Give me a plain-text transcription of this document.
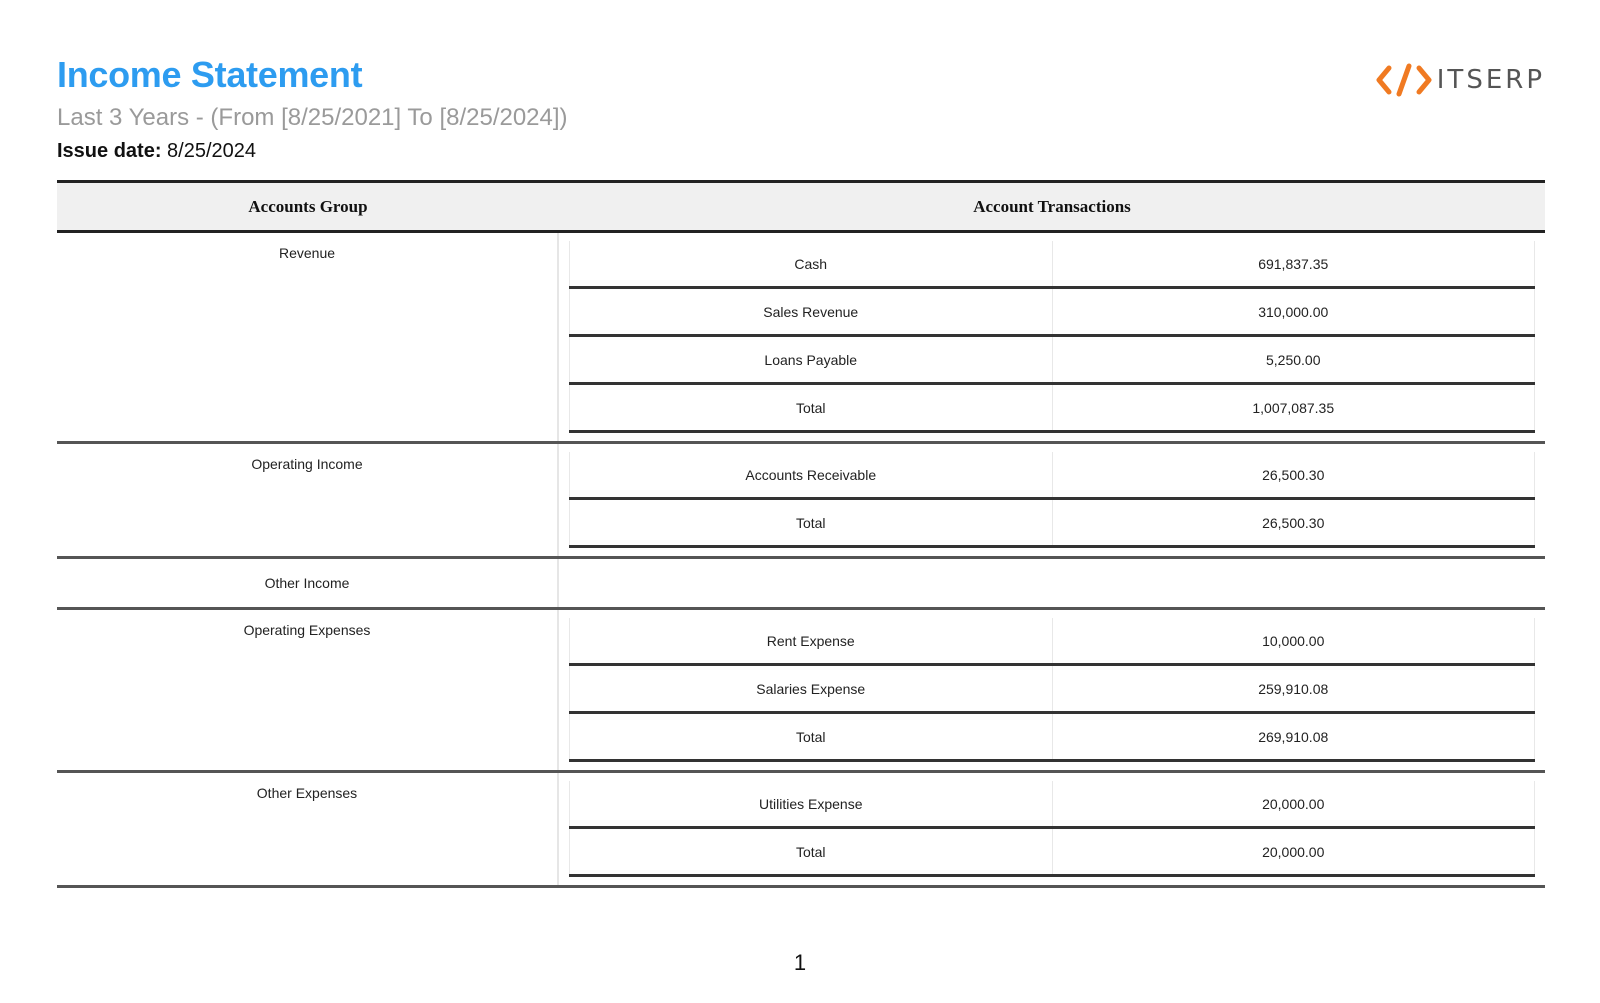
Income Statement
Last 3 Years - (From [8/25/2021] To [8/25/2024])
Issue date: 8/25/2024
ITSERP
Accounts Group	Account Transactions
Revenue
Cash	691,837.35
Sales Revenue	310,000.00
Loans Payable	5,250.00
Total	1,007,087.35
Operating Income
Accounts Receivable	26,500.30
Total	26,500.30
Other Income
Operating Expenses
Rent Expense	10,000.00
Salaries Expense	259,910.08
Total	269,910.08
Other Expenses
Utilities Expense	20,000.00
Total	20,000.00
1
